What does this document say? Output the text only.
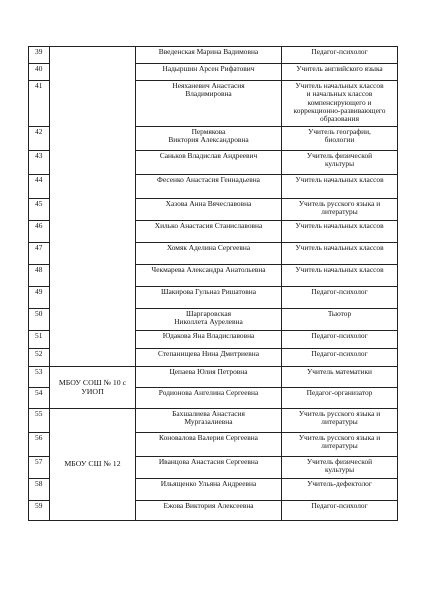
39		Введенская Марина Вадимовна	Педагог-психолог
40		Надыршин Арсен Рифатович	Учитель английского языка
41		Неяханевич Анастасия
Владимировна	Учитель начальных классов
и начальных классов
компенсирующего и
коррекционно-развивающего
образования
42		Пермякова
Виктория Александровна	Учитель географии,
биологии
43		Саньков Владислав Андреевич	Учитель физической
культуры
44		Фесенко Анастасия Геннадьевна	Учитель начальных классов
45		Хазова Анна Вячеславовна	Учитель русского языка и
литературы
46		Хилько Анастасия Станиславовна	Учитель начальных классов
47		Хомяк Аделина Сергеевна	Учитель начальных классов
48		Чекмарева Александра Анатольевна	Учитель начальных классов
49		Шакирова Гульназ Ришатовна	Педагог-психолог
50		Шаргаровская
Николлета Аурелевна	Тьютор
51		Юдакова Яна Владиславовна	Педагог-психолог
52		Степанищева Нина Дмитриевна	Педагог-психолог
53	МБОУ СОШ № 10 с
УИОП	Цепаева Юлия Петровна	Учитель математики
54		Родионова Ангелина Сергеевна	Педагог-организатор
55	МБОУ СШ № 12	Бахшалиева Анастасия
Мургазалиевна	Учитель русского языка и
литературы
56		Коновалова Валерия Сергеевна	Учитель русского языка и
литературы
57		Иванцова Анастасия Сергеевна	Учитель физической
культуры
58		Ильященко Ульяна Андреевна	Учитель-дефектолог
59		Ежова Виктория Алексеевна	Педагог-психолог
